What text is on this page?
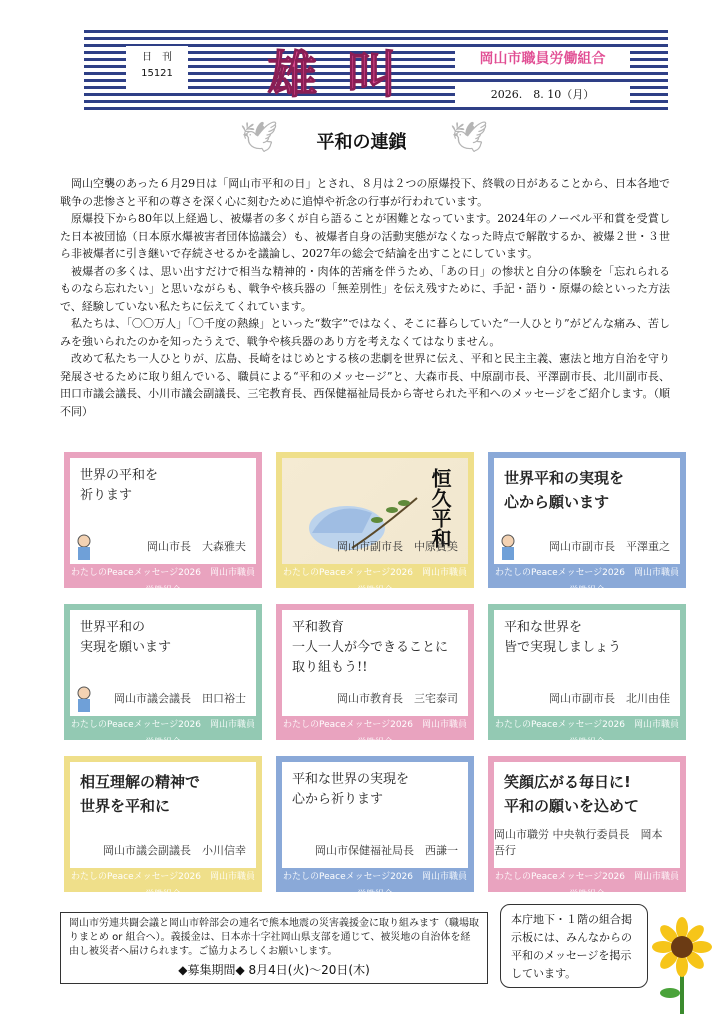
日　刊
15121	雄 叫	岡山市職員労働組合
2026.　8. 10（月）
🕊	平和の連鎖	🕊

岡山空襲のあった６月29日は「岡山市平和の日」とされ、８月は２つの原爆投下、終戦の日があることから、日本各地で戦争の悲惨さと平和の尊さを深く心に刻むために追悼や祈念の行事が行われています。

原爆投下から80年以上経過し、被爆者の多くが自ら語ることが困難となっています。2024年のノーベル平和賞を受賞した日本被団協（日本原水爆被害者団体協議会）も、被爆者自身の活動実態がなくなった時点で解散するか、被爆２世・３世ら非被爆者に引き継いで存続させるかを議論し、2027年の総会で結論を出すことにしています。

被爆者の多くは、思い出すだけで相当な精神的・肉体的苦痛を伴うため、「あの日」の惨状と自分の体験を「忘れられるものなら忘れたい」と思いながらも、戦争や核兵器の「無差別性」を伝え残すために、手記・語り・原爆の絵といった方法で、経験していない私たちに伝えてくれています。

私たちは、「〇〇万人」「〇千度の熱線」といった“数字”ではなく、そこに暮らしていた“一人ひとり”がどんな痛み、苦しみを強いられたのかを知ったうえで、戦争や核兵器のあり方を考えなくてはなりません。

改めて私たち一人ひとりが、広島、長崎をはじめとする核の悲劇を世界に伝え、平和と民主主義、憲法と地方自治を守り発展させるために取り組んでいる、職員による“平和のメッセージ”と、大森市長、中原副市長、平澤副市長、北川副市長、田口市議会議長、小川市議会副議長、三宅教育長、西保健福祉局長から寄せられた平和へのメッセージをご紹介します。（順不同）

世界の平和を
祈ります
岡山市長　大森雅夫
わたしのPeaceメッセージ2026　岡山市職員労働組合
恒久平和
岡山市副市長　中原貴美
わたしのPeaceメッセージ2026　岡山市職員労働組合
世界平和の実現を
心から願います
岡山市副市長　平澤重之
わたしのPeaceメッセージ2026　岡山市職員労働組合
世界平和の
実現を願います
岡山市議会議長　田口裕士
わたしのPeaceメッセージ2026　岡山市職員労働組合
平和教育
一人一人が今できることに
取り組もう!!
岡山市教育長　三宅泰司
わたしのPeaceメッセージ2026　岡山市職員労働組合
平和な世界を
皆で実現しましょう
岡山市副市長　北川由佳
わたしのPeaceメッセージ2026　岡山市職員労働組合
相互理解の精神で
世界を平和に
岡山市議会副議長　小川信幸
わたしのPeaceメッセージ2026　岡山市職員労働組合
平和な世界の実現を
心から祈ります
岡山市保健福祉局長　西謙一
わたしのPeaceメッセージ2026　岡山市職員労働組合
笑顔広がる毎日に!
平和の願いを込めて
岡山市職労 中央執行委員長　岡本吾行
わたしのPeaceメッセージ2026　岡山市職員労働組合
岡山市労連共闘会議と岡山市幹部会の連名で熊本地震の災害義援金に取り組みます（職場取りまとめ or 組合へ）。義援金は、日本赤十字社岡山県支部を通じて、被災地の自治体を経由し被災者へ届けられます。ご協力よろしくお願いします。
◆募集期間◆ 8月4日(火)～20日(木)
本庁地下・１階の組合掲示板には、みんなからの平和のメッセージを掲示しています。
